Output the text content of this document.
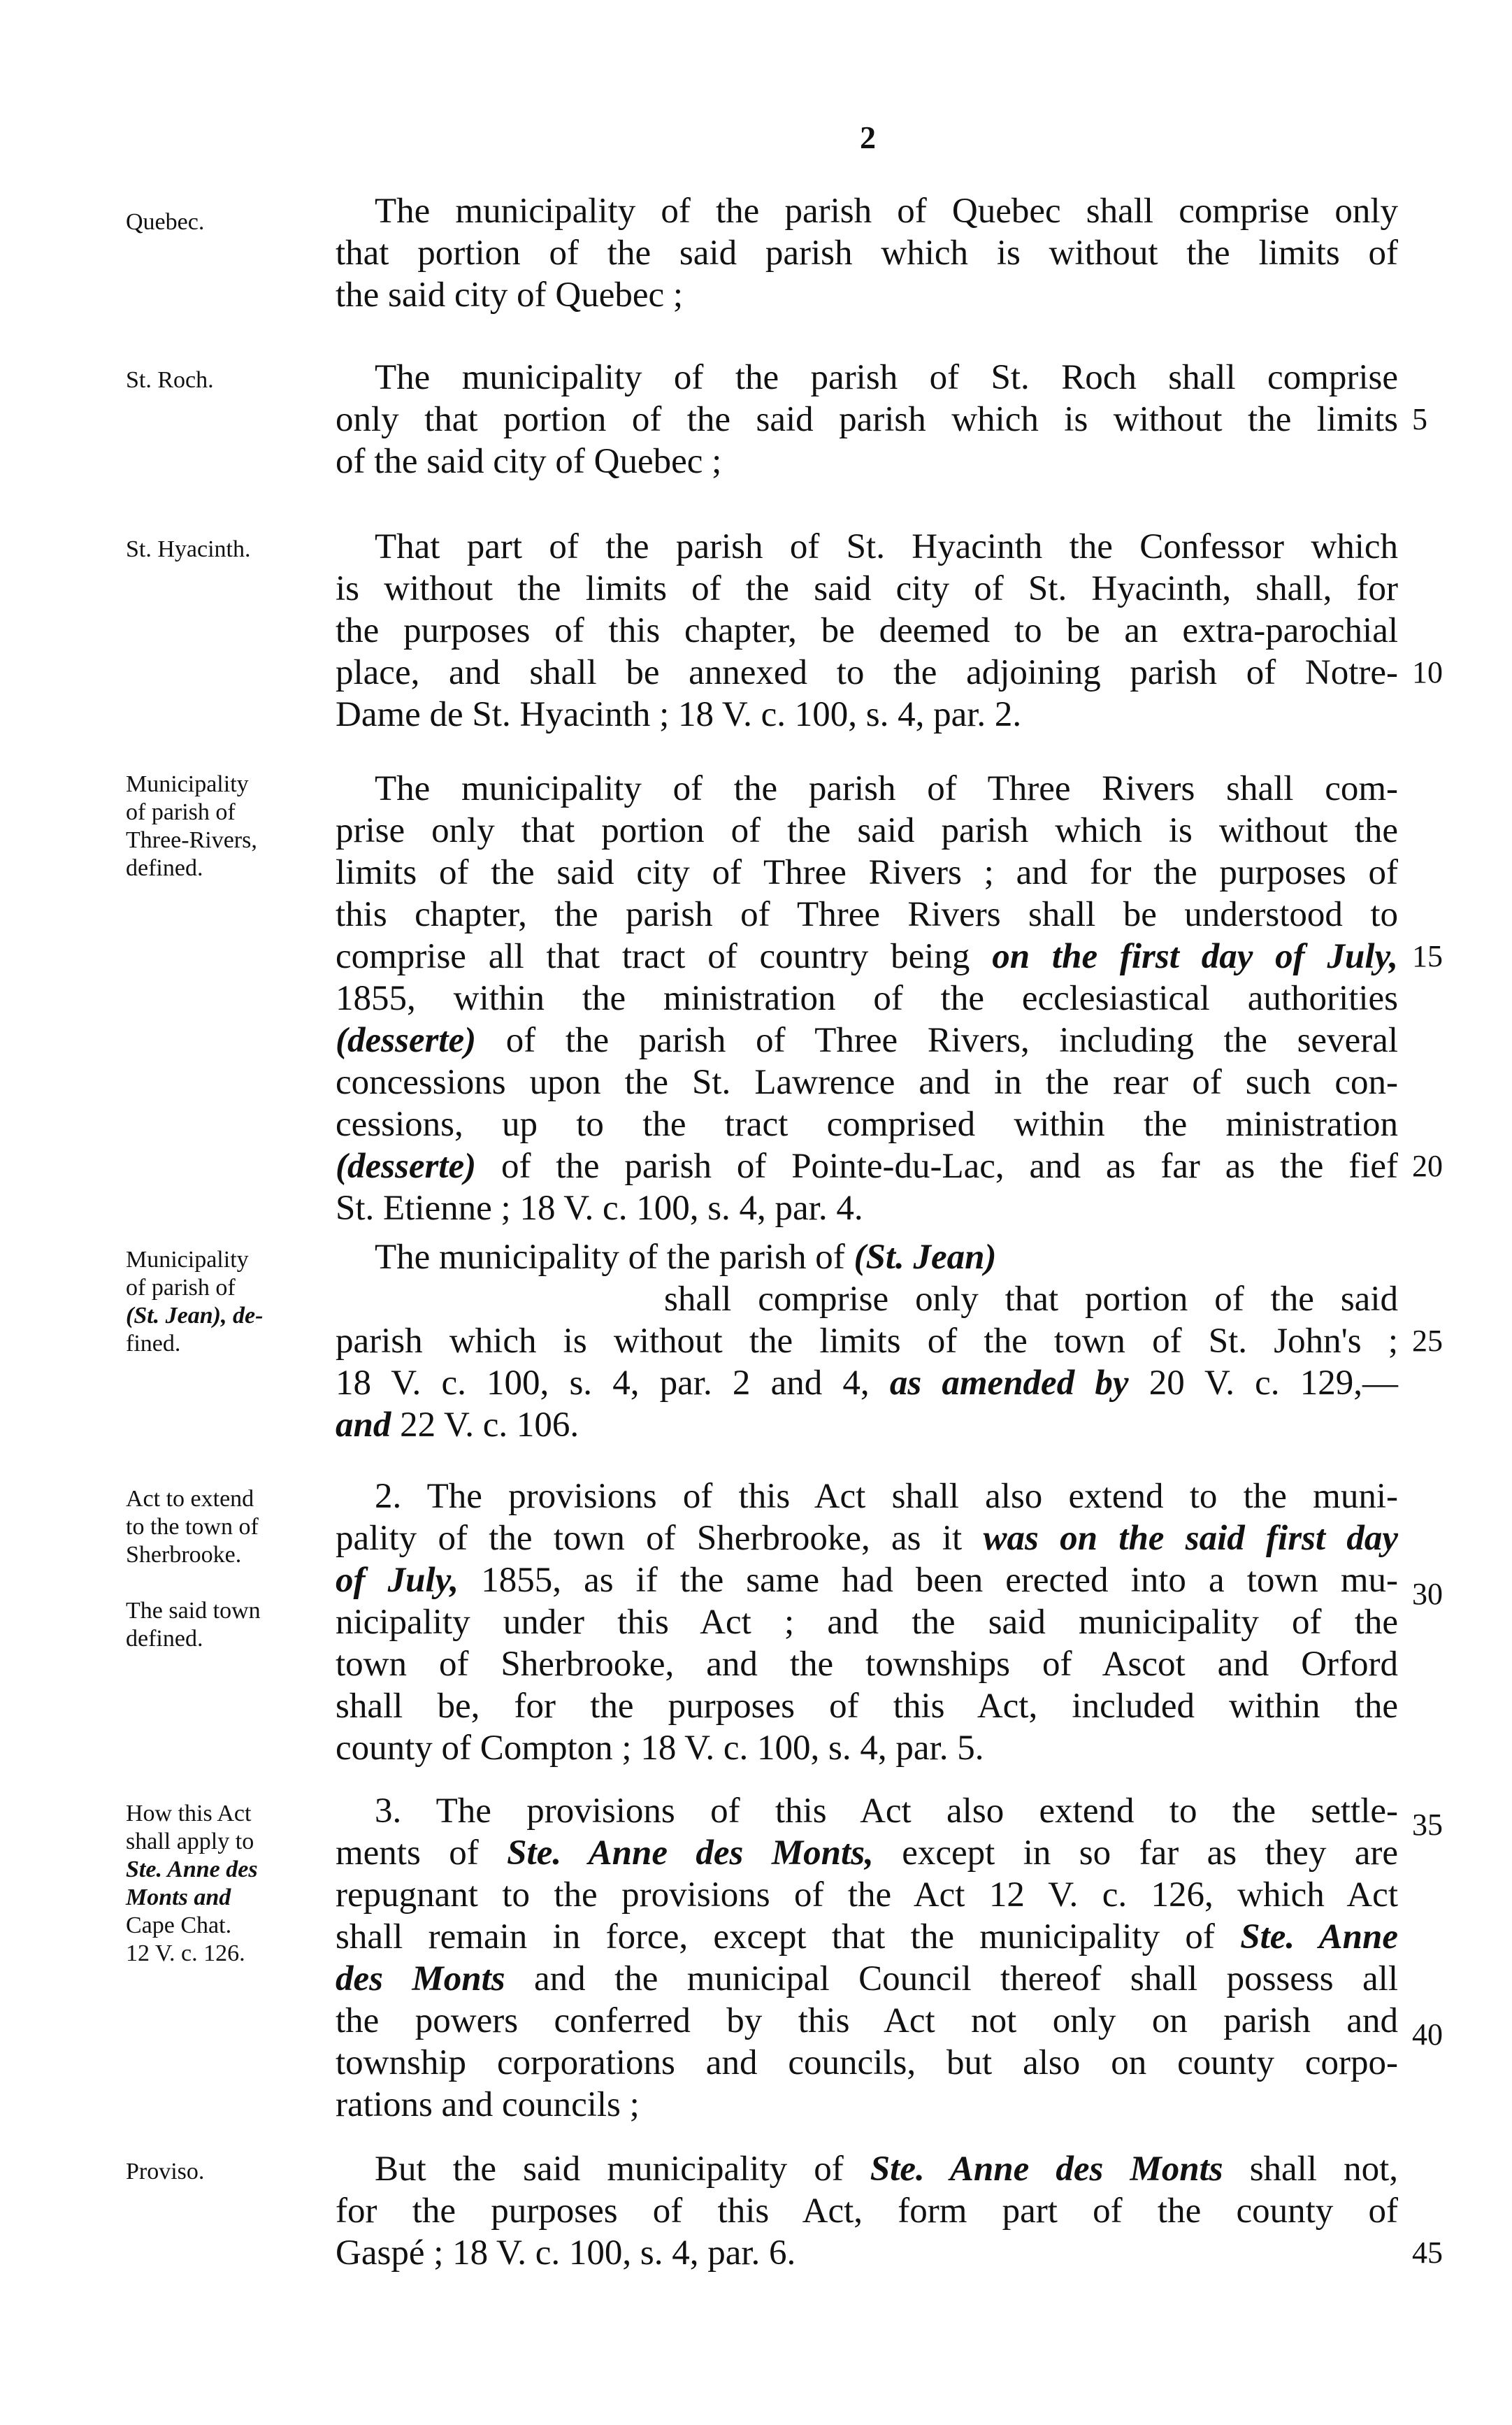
2
Quebec.	The municipality of the parish of Quebec shall comprise only
that portion of the said parish which is without the limits of
the said city of Quebec ;
St. Roch.	The municipality of the parish of St. Roch shall comprise
only that portion of the said parish which is without the limits
of the said city of Quebec ;
5
St. Hyacinth.	That part of the parish of St. Hyacinth the Confessor which
is without the limits of the said city of St. Hyacinth, shall, for
the purposes of this chapter, be deemed to be an extra-parochial
place, and shall be annexed to the adjoining parish of Notre-
Dame de St. Hyacinth ; 18 V. c. 100, s. 4, par. 2.
10
Municipality
of parish of
Three-Rivers,
defined.
The municipality of the parish of Three Rivers shall com-
prise only that portion of the said parish which is without the
limits of the said city of Three Rivers ; and for the purposes of
this chapter, the parish of Three Rivers shall be understood to
comprise all that tract of country being on the first day of July,
1855, within the ministration of the ecclesiastical authorities
(desserte) of the parish of Three Rivers, including the several
concessions upon the St. Lawrence and in the rear of such con-
cessions, up to the tract comprised within the ministration
(desserte) of the parish of Pointe-du-Lac, and as far as the fief
St. Etienne ; 18 V. c. 100, s. 4, par. 4.
15
20
Municipality
of parish of
(St. Jean), de-
fined.
The municipality of the parish of (St. Jean)
shall comprise only that portion of the said
parish which is without the limits of the town of St. John's ;
18 V. c. 100, s. 4, par. 2 and 4, as amended by 20 V. c. 129,—
and 22 V. c. 106.
25
Act to extend
to the town of
Sherbrooke.
The said town
defined.
2. The provisions of this Act shall also extend to the muni-
pality of the town of Sherbrooke, as it was on the said first day
of July, 1855, as if the same had been erected into a town mu-
nicipality under this Act ; and the said municipality of the
town of Sherbrooke, and the townships of Ascot and Orford
shall be, for the purposes of this Act, included within the
county of Compton ; 18 V. c. 100, s. 4, par. 5.
30
How this Act
shall apply to
Ste. Anne des
Monts and
Cape Chat.
12 V. c. 126.
3. The provisions of this Act also extend to the settle-
ments of Ste. Anne des Monts, except in so far as they are
repugnant to the provisions of the Act 12 V. c. 126, which Act
shall remain in force, except that the municipality of Ste. Anne
des Monts and the municipal Council thereof shall possess all
the powers conferred by this Act not only on parish and
township corporations and councils, but also on county corpo-
rations and councils ;
35
40
Proviso.	But the said municipality of Ste. Anne des Monts shall not,
for the purposes of this Act, form part of the county of
Gaspé ; 18 V. c. 100, s. 4, par. 6.	45
